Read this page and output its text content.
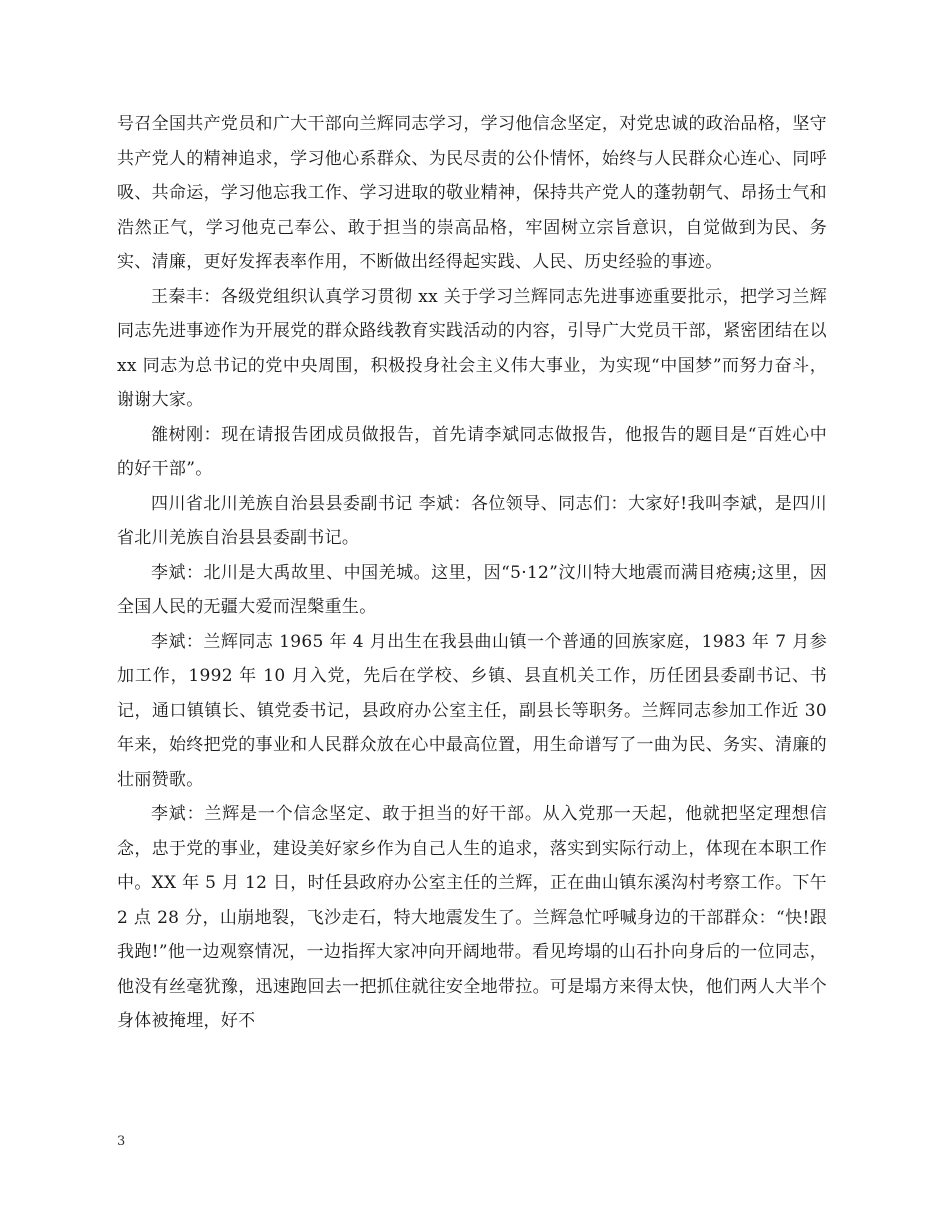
号召全国共产党员和广大干部向兰辉同志学习，学习他信念坚定，对党忠诚的政治品格，坚守共产党人的精神追求，学习他心系群众、为民尽责的公仆情怀，始终与人民群众心连心、同呼吸、共命运，学习他忘我工作、学习进取的敬业精神，保持共产党人的蓬勃朝气、昂扬士气和浩然正气，学习他克己奉公、敢于担当的崇高品格，牢固树立宗旨意识，自觉做到为民、务实、清廉，更好发挥表率作用，不断做出经得起实践、人民、历史经验的事迹。

王秦丰：各级党组织认真学习贯彻 xx 关于学习兰辉同志先进事迹重要批示，把学习兰辉同志先进事迹作为开展党的群众路线教育实践活动的内容，引导广大党员干部，紧密团结在以 xx 同志为总书记的党中央周围，积极投身社会主义伟大事业，为实现“中国梦”而努力奋斗，谢谢大家。

雒树刚：现在请报告团成员做报告，首先请李斌同志做报告，他报告的题目是“百姓心中的好干部”。

四川省北川羌族自治县县委副书记 李斌：各位领导、同志们：大家好!我叫李斌，是四川省北川羌族自治县县委副书记。

李斌：北川是大禹故里、中国羌城。这里，因“5·12”汶川特大地震而满目疮痍;这里，因全国人民的无疆大爱而涅槃重生。

李斌：兰辉同志 1965 年 4 月出生在我县曲山镇一个普通的回族家庭，1983 年 7 月参加工作，1992 年 10 月入党，先后在学校、乡镇、县直机关工作，历任团县委副书记、书记，通口镇镇长、镇党委书记，县政府办公室主任，副县长等职务。兰辉同志参加工作近 30 年来，始终把党的事业和人民群众放在心中最高位置，用生命谱写了一曲为民、务实、清廉的壮丽赞歌。

李斌：兰辉是一个信念坚定、敢于担当的好干部。从入党那一天起，他就把坚定理想信念，忠于党的事业，建设美好家乡作为自己人生的追求，落实到实际行动上，体现在本职工作中。XX 年 5 月 12 日，时任县政府办公室主任的兰辉，正在曲山镇东溪沟村考察工作。下午 2 点 28 分，山崩地裂，飞沙走石，特大地震发生了。兰辉急忙呼喊身边的干部群众：“快!跟我跑!”他一边观察情况，一边指挥大家冲向开阔地带。看见垮塌的山石扑向身后的一位同志，他没有丝毫犹豫，迅速跑回去一把抓住就往安全地带拉。可是塌方来得太快，他们两人大半个身体被掩埋，好不

3
